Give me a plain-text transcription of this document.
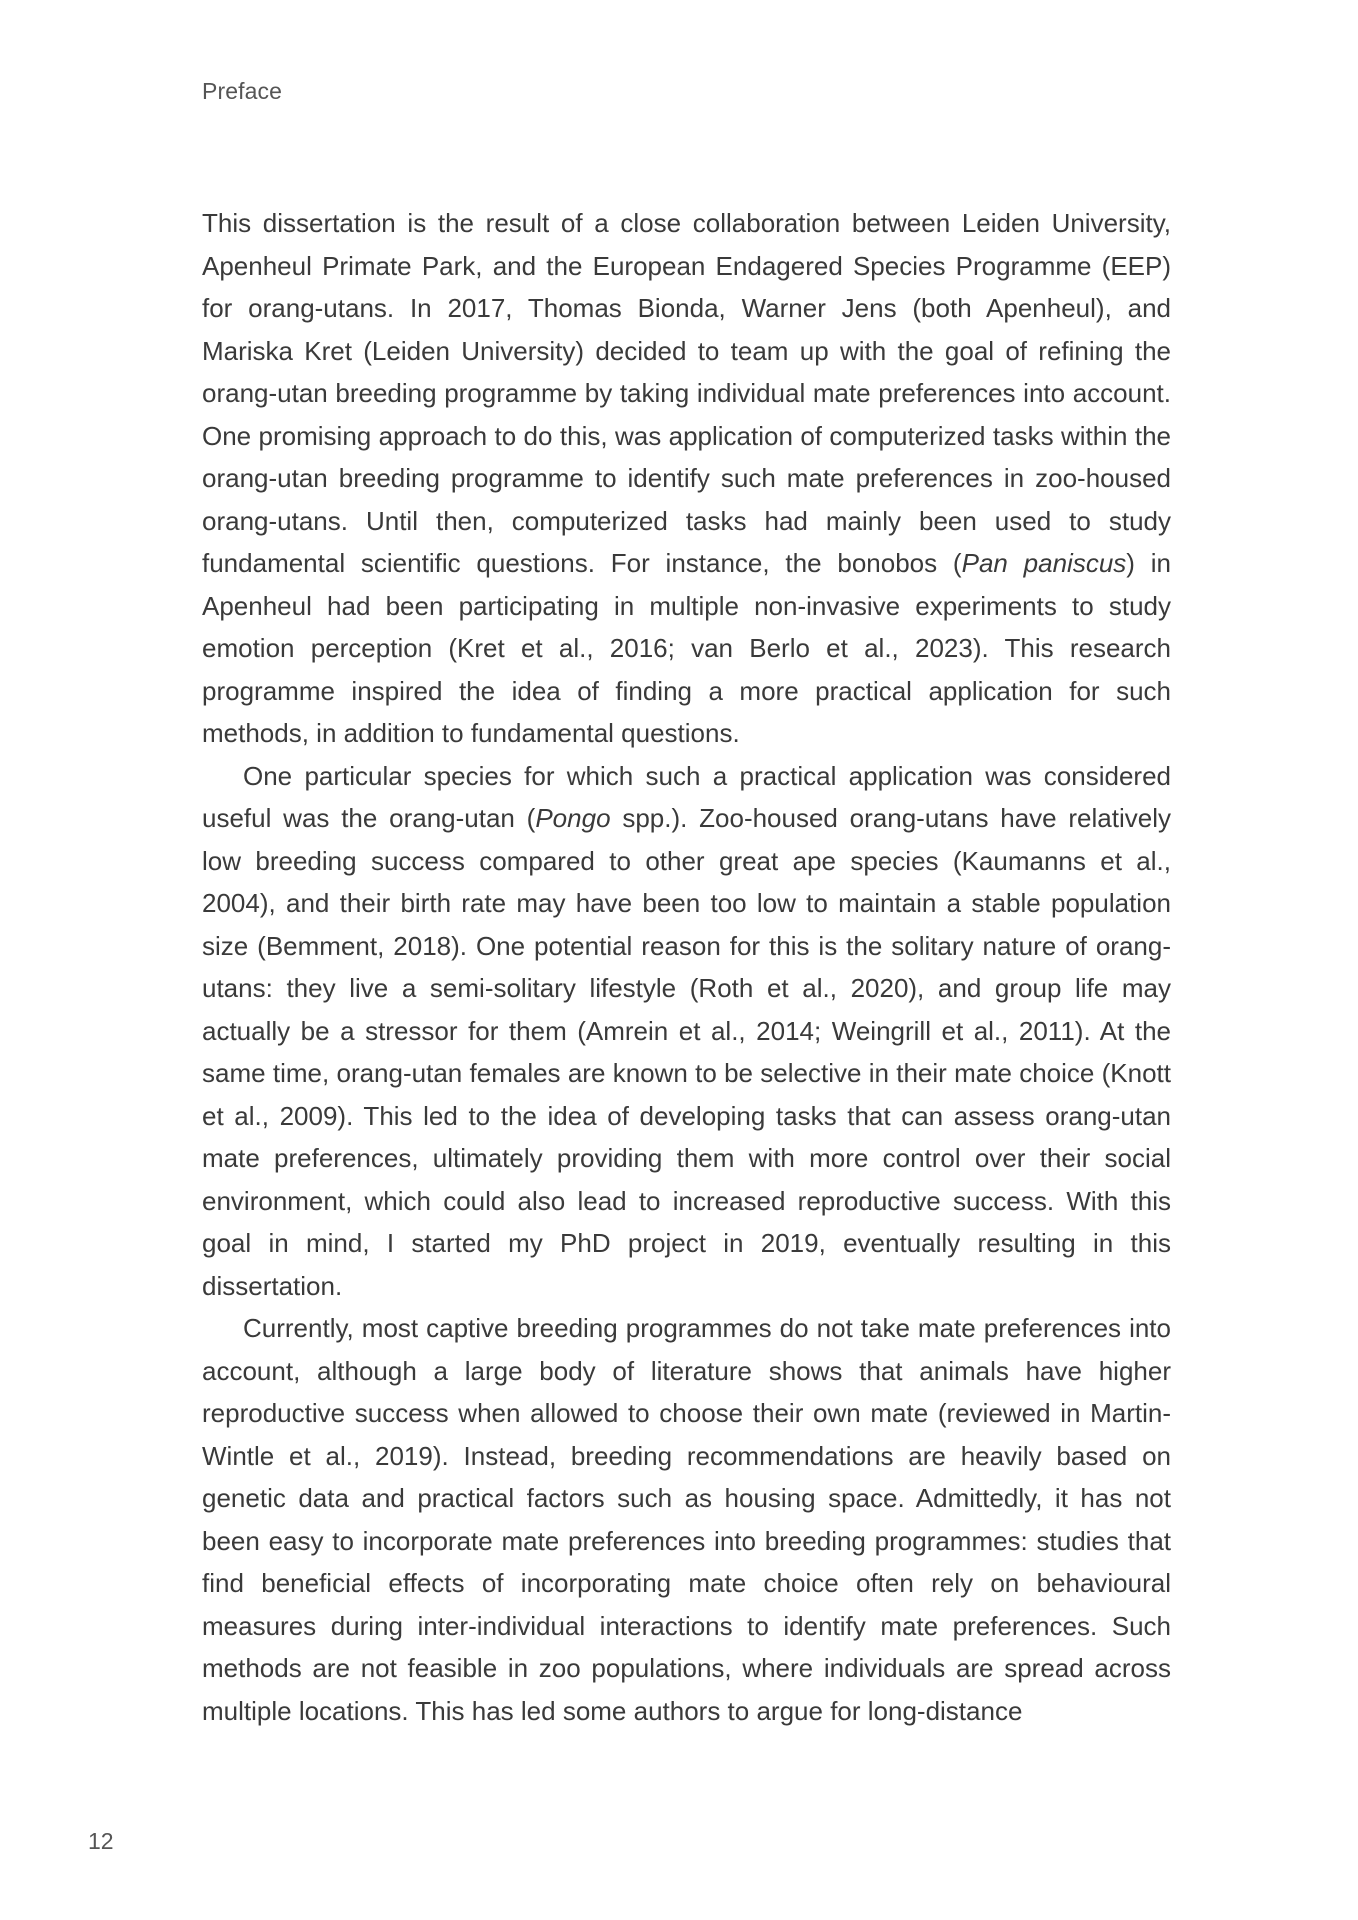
Preface

This dissertation is the result of a close collaboration between Leiden University, Apenheul Primate Park, and the European Endagered Species Programme (EEP) for orang-utans. In 2017, Thomas Bionda, Warner Jens (both Apenheul), and Mariska Kret (Leiden University) decided to team up with the goal of refining the orang-utan breeding programme by taking individual mate preferences into account. One promising approach to do this, was application of computerized tasks within the orang-utan breeding programme to identify such mate preferences in zoo-housed orang-utans. Until then, computerized tasks had mainly been used to study fundamental scientific questions. For instance, the bonobos (Pan paniscus) in Apenheul had been participating in multiple non-invasive experiments to study emotion perception (Kret et al., 2016; van Berlo et al., 2023). This research programme inspired the idea of finding a more practical application for such methods, in addition to fundamental questions.

One particular species for which such a practical application was considered useful was the orang-utan (Pongo spp.). Zoo-housed orang-utans have relatively low breeding success compared to other great ape species (Kaumanns et al., 2004), and their birth rate may have been too low to maintain a stable population size (Bemment, 2018). One potential reason for this is the solitary nature of orang-utans: they live a semi-solitary lifestyle (Roth et al., 2020), and group life may actually be a stressor for them (Amrein et al., 2014; Weingrill et al., 2011). At the same time, orang-utan females are known to be selective in their mate choice (Knott et al., 2009). This led to the idea of developing tasks that can assess orang-utan mate preferences, ultimately providing them with more control over their social environment, which could also lead to increased reproductive success. With this goal in mind, I started my PhD project in 2019, eventually resulting in this dissertation.

Currently, most captive breeding programmes do not take mate preferences into account, although a large body of literature shows that animals have higher reproductive success when allowed to choose their own mate (reviewed in Martin-Wintle et al., 2019). Instead, breeding recommendations are heavily based on genetic data and practical factors such as housing space. Admittedly, it has not been easy to incorporate mate preferences into breeding programmes: studies that find beneficial effects of incorporating mate choice often rely on behavioural measures during inter-individual interactions to identify mate preferences. Such methods are not feasible in zoo populations, where individuals are spread across multiple locations. This has led some authors to argue for long-distance

12
